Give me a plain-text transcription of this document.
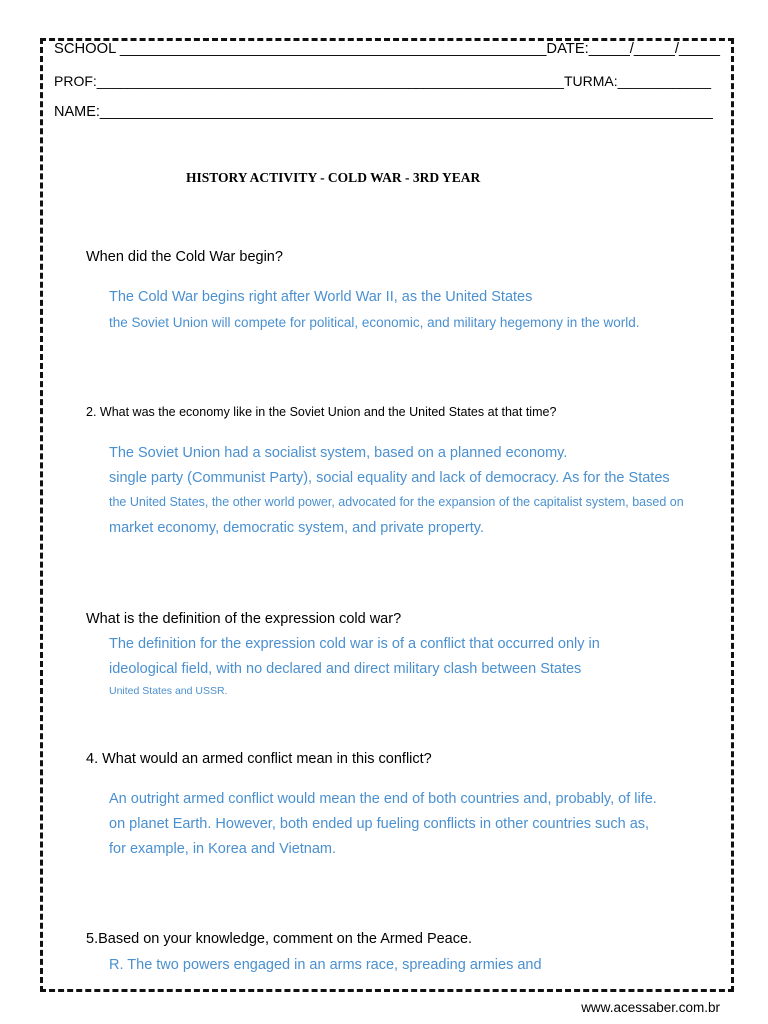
SCHOOL ____________________________________________________DATE:_____/_____/_____
PROF:____________________________________________________________TURMA:____________
NAME:____________________________________________________________________________
HISTORY ACTIVITY - COLD WAR - 3RD YEAR
When did the Cold War begin?
The Cold War begins right after World War II, as the United States
the Soviet Union will compete for political, economic, and military hegemony in the world.
2. What was the economy like in the Soviet Union and the United States at that time?
The Soviet Union had a socialist system, based on a planned economy.
single party (Communist Party), social equality and lack of democracy. As for the States
the United States, the other world power, advocated for the expansion of the capitalist system, based on
market economy, democratic system, and private property.
What is the definition of the expression cold war?
The definition for the expression cold war is of a conflict that occurred only in
ideological field, with no declared and direct military clash between States
United States and USSR.
4. What would an armed conflict mean in this conflict?
An outright armed conflict would mean the end of both countries and, probably, of life.
on planet Earth. However, both ended up fueling conflicts in other countries such as,
for example, in Korea and Vietnam.
5.Based on your knowledge, comment on the Armed Peace.
R. The two powers engaged in an arms race, spreading armies and
www.acessaber.com.br
